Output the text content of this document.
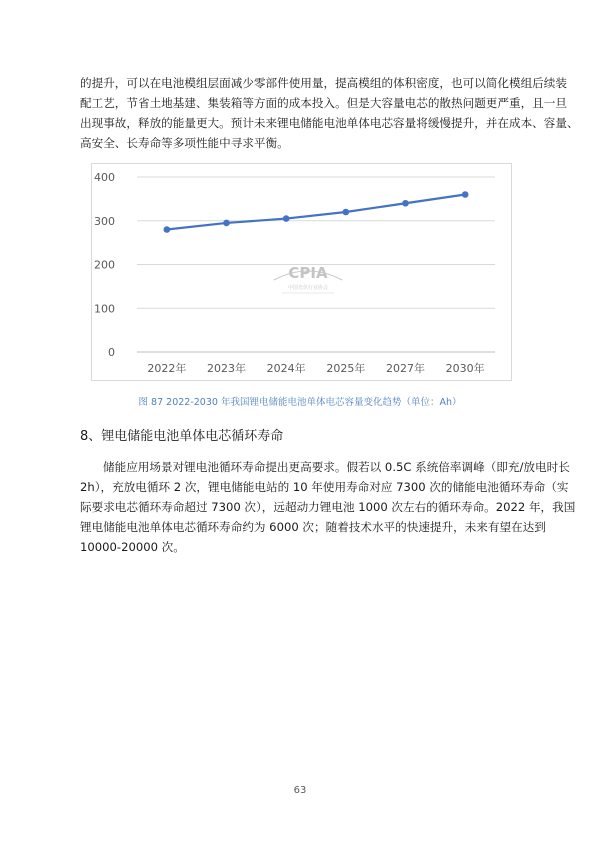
的提升，可以在电池模组层面减少零部件使用量，提高模组的体积密度，也可以简化模组后续装
配工艺，节省土地基建、集装箱等方面的成本投入。但是大容量电芯的散热问题更严重，且一旦
出现事故，释放的能量更大。预计未来锂电储能电池单体电芯容量将缓慢提升，并在成本、容量、
高安全、长寿命等多项性能中寻求平衡。
0
100
200
300
400
2022年 2023年 2024年 2025年 2027年 2030年
CPIA
中国光伏行业协会
图 87 2022-2030 年我国锂电储能电池单体电芯容量变化趋势（单位：Ah）
8、锂电储能电池单体电芯循环寿命
储能应用场景对锂电池循环寿命提出更高要求。假若以 0.5C 系统倍率调峰（即充/放电时长
2h），充放电循环 2 次，锂电储能电站的 10 年使用寿命对应 7300 次的储能电池循环寿命（实
际要求电芯循环寿命超过 7300 次），远超动力锂电池 1000 次左右的循环寿命。2022 年，我国
锂电储能电池单体电芯循环寿命约为 6000 次；随着技术水平的快速提升，未来有望在达到
10000-20000 次。
63
